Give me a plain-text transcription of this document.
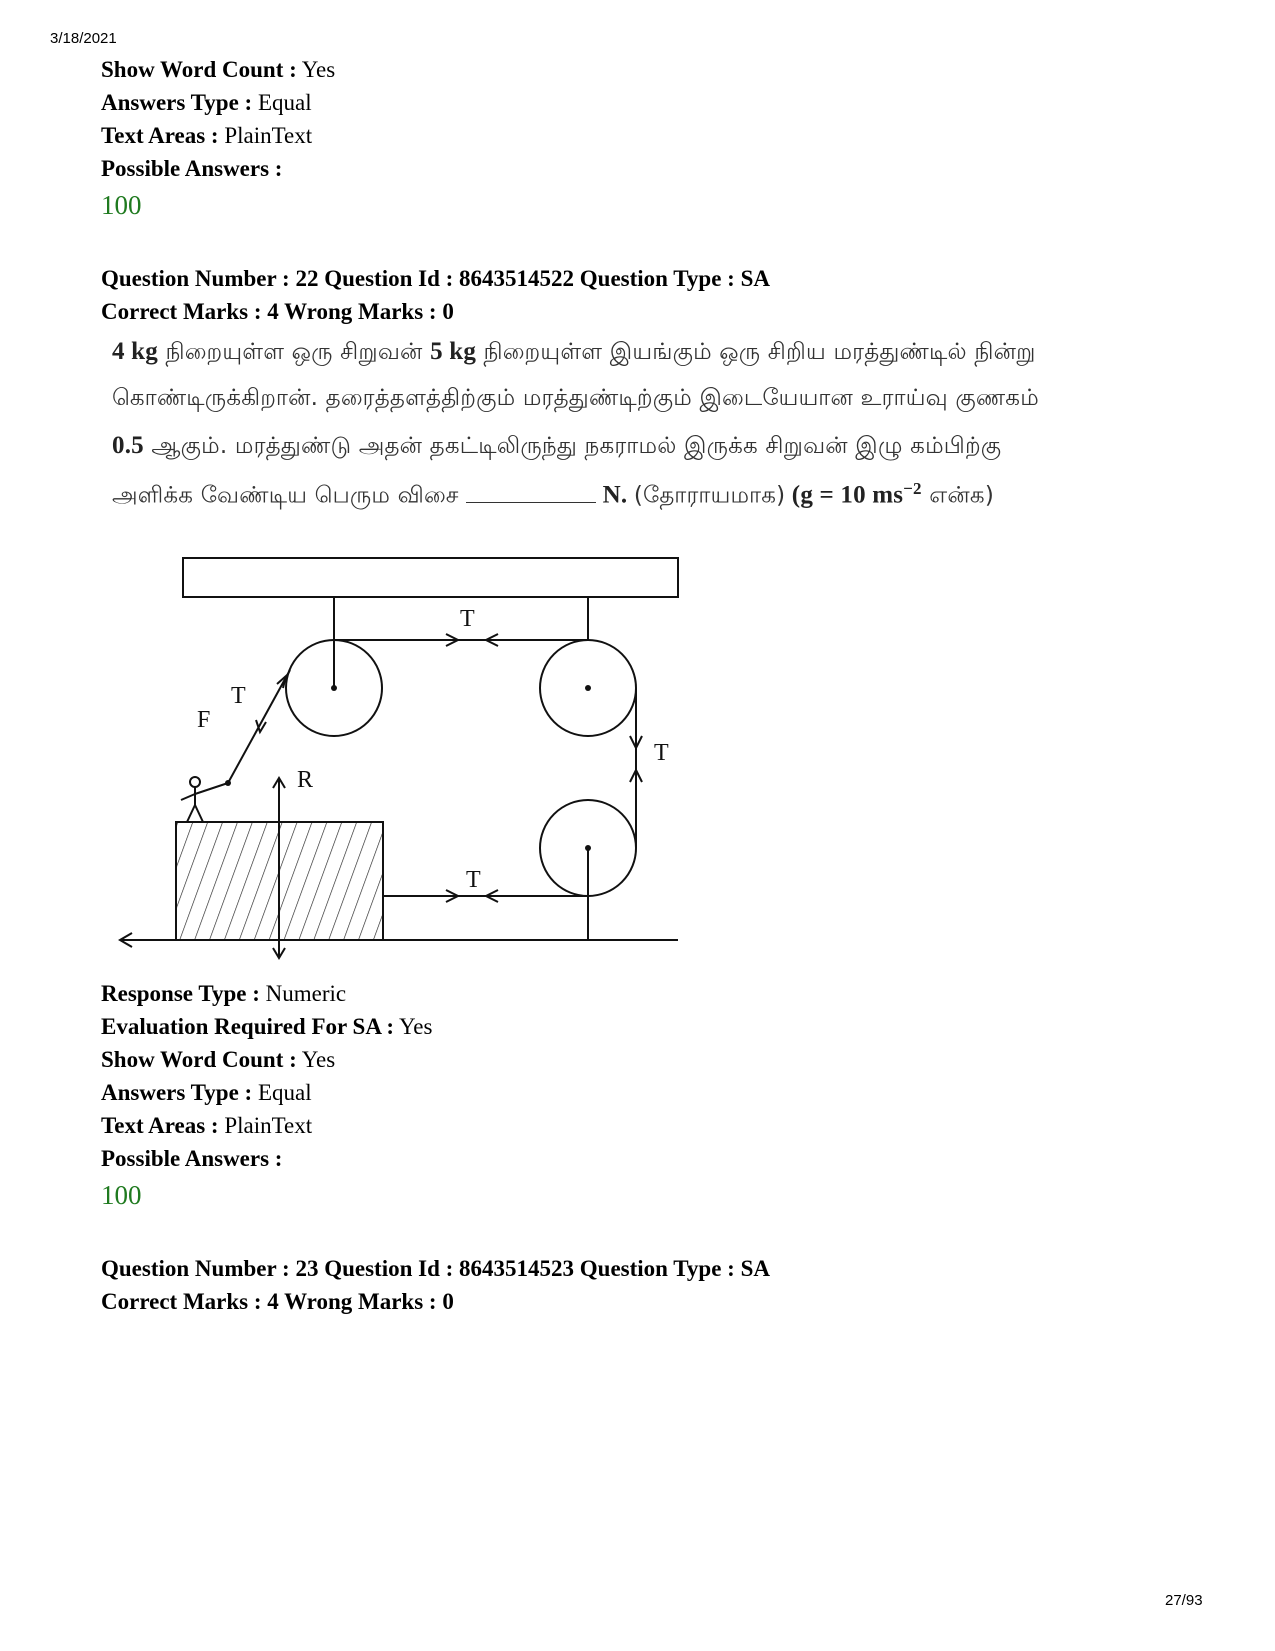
3/18/2021
Show Word Count : Yes
Answers Type : Equal
Text Areas : PlainText
Possible Answers :
100
Question Number : 22 Question Id : 8643514522 Question Type : SA
Correct Marks : 4 Wrong Marks : 0
4 kg நிறையுள்ள ஒரு சிறுவன் 5 kg நிறையுள்ள இயங்கும் ஒரு சிறிய மரத்துண்டில் நின்று
கொண்டிருக்கிறான். தரைத்தளத்திற்கும் மரத்துண்டிற்கும் இடையேயான உராய்வு குணகம்
0.5 ஆகும். மரத்துண்டு அதன் தகட்டிலிருந்து நகராமல் இருக்க சிறுவன் இழு கம்பிற்கு
அளிக்க வேண்டிய பெரும விசை	N. (தோராயமாக) (g = 10 $ms^{-2}$ என்க)
T
T
T
T
F
R
Response Type : Numeric
Evaluation Required For SA : Yes
Show Word Count : Yes
Answers Type : Equal
Text Areas : PlainText
Possible Answers :
100
Question Number : 23 Question Id : 8643514523 Question Type : SA
Correct Marks : 4 Wrong Marks : 0
27/93
